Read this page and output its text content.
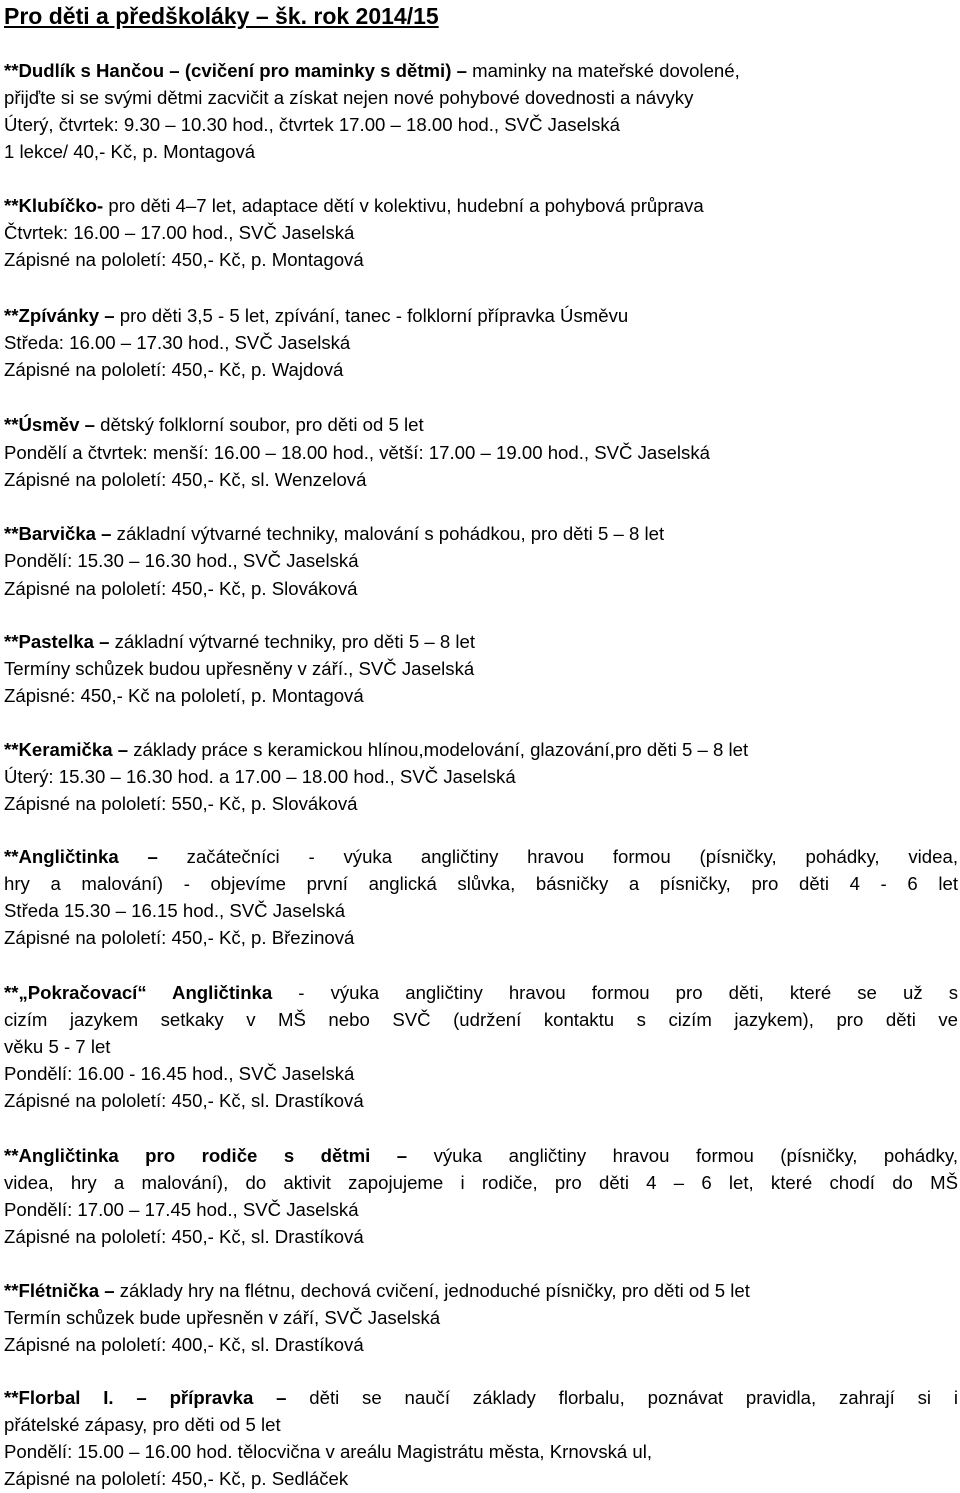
Pro děti a předškoláky – šk. rok 2014/15
**Dudlík s Hančou – (cvičení pro maminky s dětmi) – maminky na mateřské dovolené,
přijďte si se svými dětmi zacvičit a získat nejen nové pohybové dovednosti a návyky
Úterý, čtvrtek: 9.30 – 10.30 hod., čtvrtek 17.00 – 18.00 hod., SVČ Jaselská
1 lekce/ 40,- Kč, p. Montagová
**Klubíčko- pro děti 4–7 let, adaptace dětí v kolektivu, hudební a pohybová průprava
Čtvrtek: 16.00 – 17.00 hod., SVČ Jaselská
Zápisné na pololetí: 450,- Kč, p. Montagová
**Zpívánky – pro děti 3,5 - 5 let, zpívání, tanec - folklorní přípravka Úsměvu
Středa: 16.00 – 17.30 hod., SVČ Jaselská
Zápisné na pololetí: 450,- Kč, p. Wajdová
**Úsměv – dětský folklorní soubor, pro děti od 5 let
Pondělí a čtvrtek: menší: 16.00 – 18.00 hod., větší: 17.00 – 19.00 hod., SVČ Jaselská
Zápisné na pololetí: 450,- Kč, sl. Wenzelová
**Barvička – základní výtvarné techniky, malování s pohádkou, pro děti 5 – 8 let
Pondělí: 15.30 – 16.30 hod., SVČ Jaselská
Zápisné na pololetí: 450,- Kč, p. Slováková
**Pastelka – základní výtvarné techniky, pro děti 5 – 8 let
Termíny schůzek budou upřesněny v září., SVČ Jaselská
Zápisné: 450,- Kč na pololetí, p. Montagová
**Keramička – základy práce s keramickou hlínou,modelování, glazování,pro děti 5 – 8 let
Úterý: 15.30 – 16.30 hod. a 17.00 – 18.00 hod., SVČ Jaselská
Zápisné na pololetí: 550,- Kč, p. Slováková
**Angličtinka – začátečníci - výuka angličtiny hravou formou (písničky, pohádky, videa,
hry a malování) - objevíme první anglická slůvka, básničky a písničky, pro děti 4 - 6 let
Středa 15.30 – 16.15 hod., SVČ Jaselská
Zápisné na pololetí: 450,- Kč, p. Březinová
**„Pokračovací“ Angličtinka - výuka angličtiny hravou formou pro děti, které se už s
cizím jazykem setkaky v MŠ nebo SVČ (udržení kontaktu s cizím jazykem), pro děti ve
věku 5 - 7 let
Pondělí: 16.00 - 16.45 hod., SVČ Jaselská
Zápisné na pololetí: 450,- Kč, sl. Drastíková
**Angličtinka pro rodiče s dětmi – výuka angličtiny hravou formou (písničky, pohádky,
videa, hry a malování), do aktivit zapojujeme i rodiče, pro děti 4 – 6 let, které chodí do MŠ
Pondělí: 17.00 – 17.45 hod., SVČ Jaselská
Zápisné na pololetí: 450,- Kč, sl. Drastíková
**Flétnička – základy hry na flétnu, dechová cvičení, jednoduché písničky, pro děti od 5 let
Termín schůzek bude upřesněn v září, SVČ Jaselská
Zápisné na pololetí: 400,- Kč, sl. Drastíková
**Florbal I. – přípravka – děti se naučí základy florbalu, poznávat pravidla, zahrají si i
přátelské zápasy, pro děti od 5 let
Pondělí: 15.00 – 16.00 hod. tělocvična v areálu Magistrátu města, Krnovská ul,
Zápisné na pololetí: 450,- Kč, p. Sedláček
